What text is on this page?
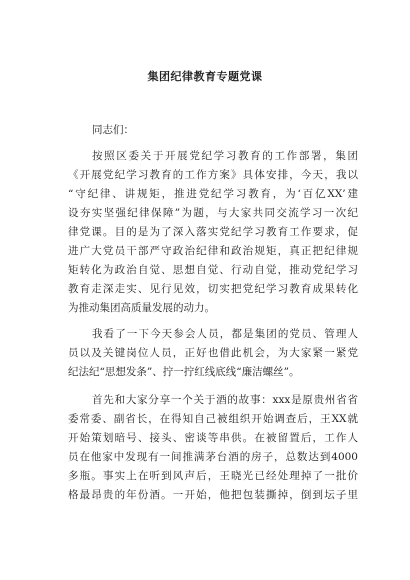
集团纪律教育专题党课
同志们：
按照区委关于开展党纪学习教育的工作部署，集团
《开展党纪学习教育的工作方案》具体安排，今天，我以
“守纪律、讲规矩，推进党纪学习教育，为‘百亿XX’建
设夯实坚强纪律保障”为题，与大家共同交流学习一次纪
律党课。目的是为了深入落实党纪学习教育工作要求，促
进广大党员干部严守政治纪律和政治规矩，真正把纪律规
矩转化为政治自觉、思想自觉、行动自觉，推动党纪学习
教育走深走实、见行见效，切实把党纪学习教育成果转化
为推动集团高质量发展的动力。
我看了一下今天参会人员，都是集团的党员、管理人
员以及关键岗位人员，正好也借此机会，为大家紧一紧党
纪法纪“思想发条”、拧一拧红线底线“廉洁螺丝”。
首先和大家分享一个关于酒的故事：xxx是原贵州省省
委常委、副省长，在得知自己被组织开始调查后，王XX就
开始策划暗号、接头、密谈等串供。在被留置后，工作人
员在他家中发现有一间推满茅台酒的房子，总数达到4000
多瓶。事实上在听到风声后，王晓光已经处理掉了一批价
格最昂贵的年份酒。一开始，他把包装撕掉，倒到坛子里
